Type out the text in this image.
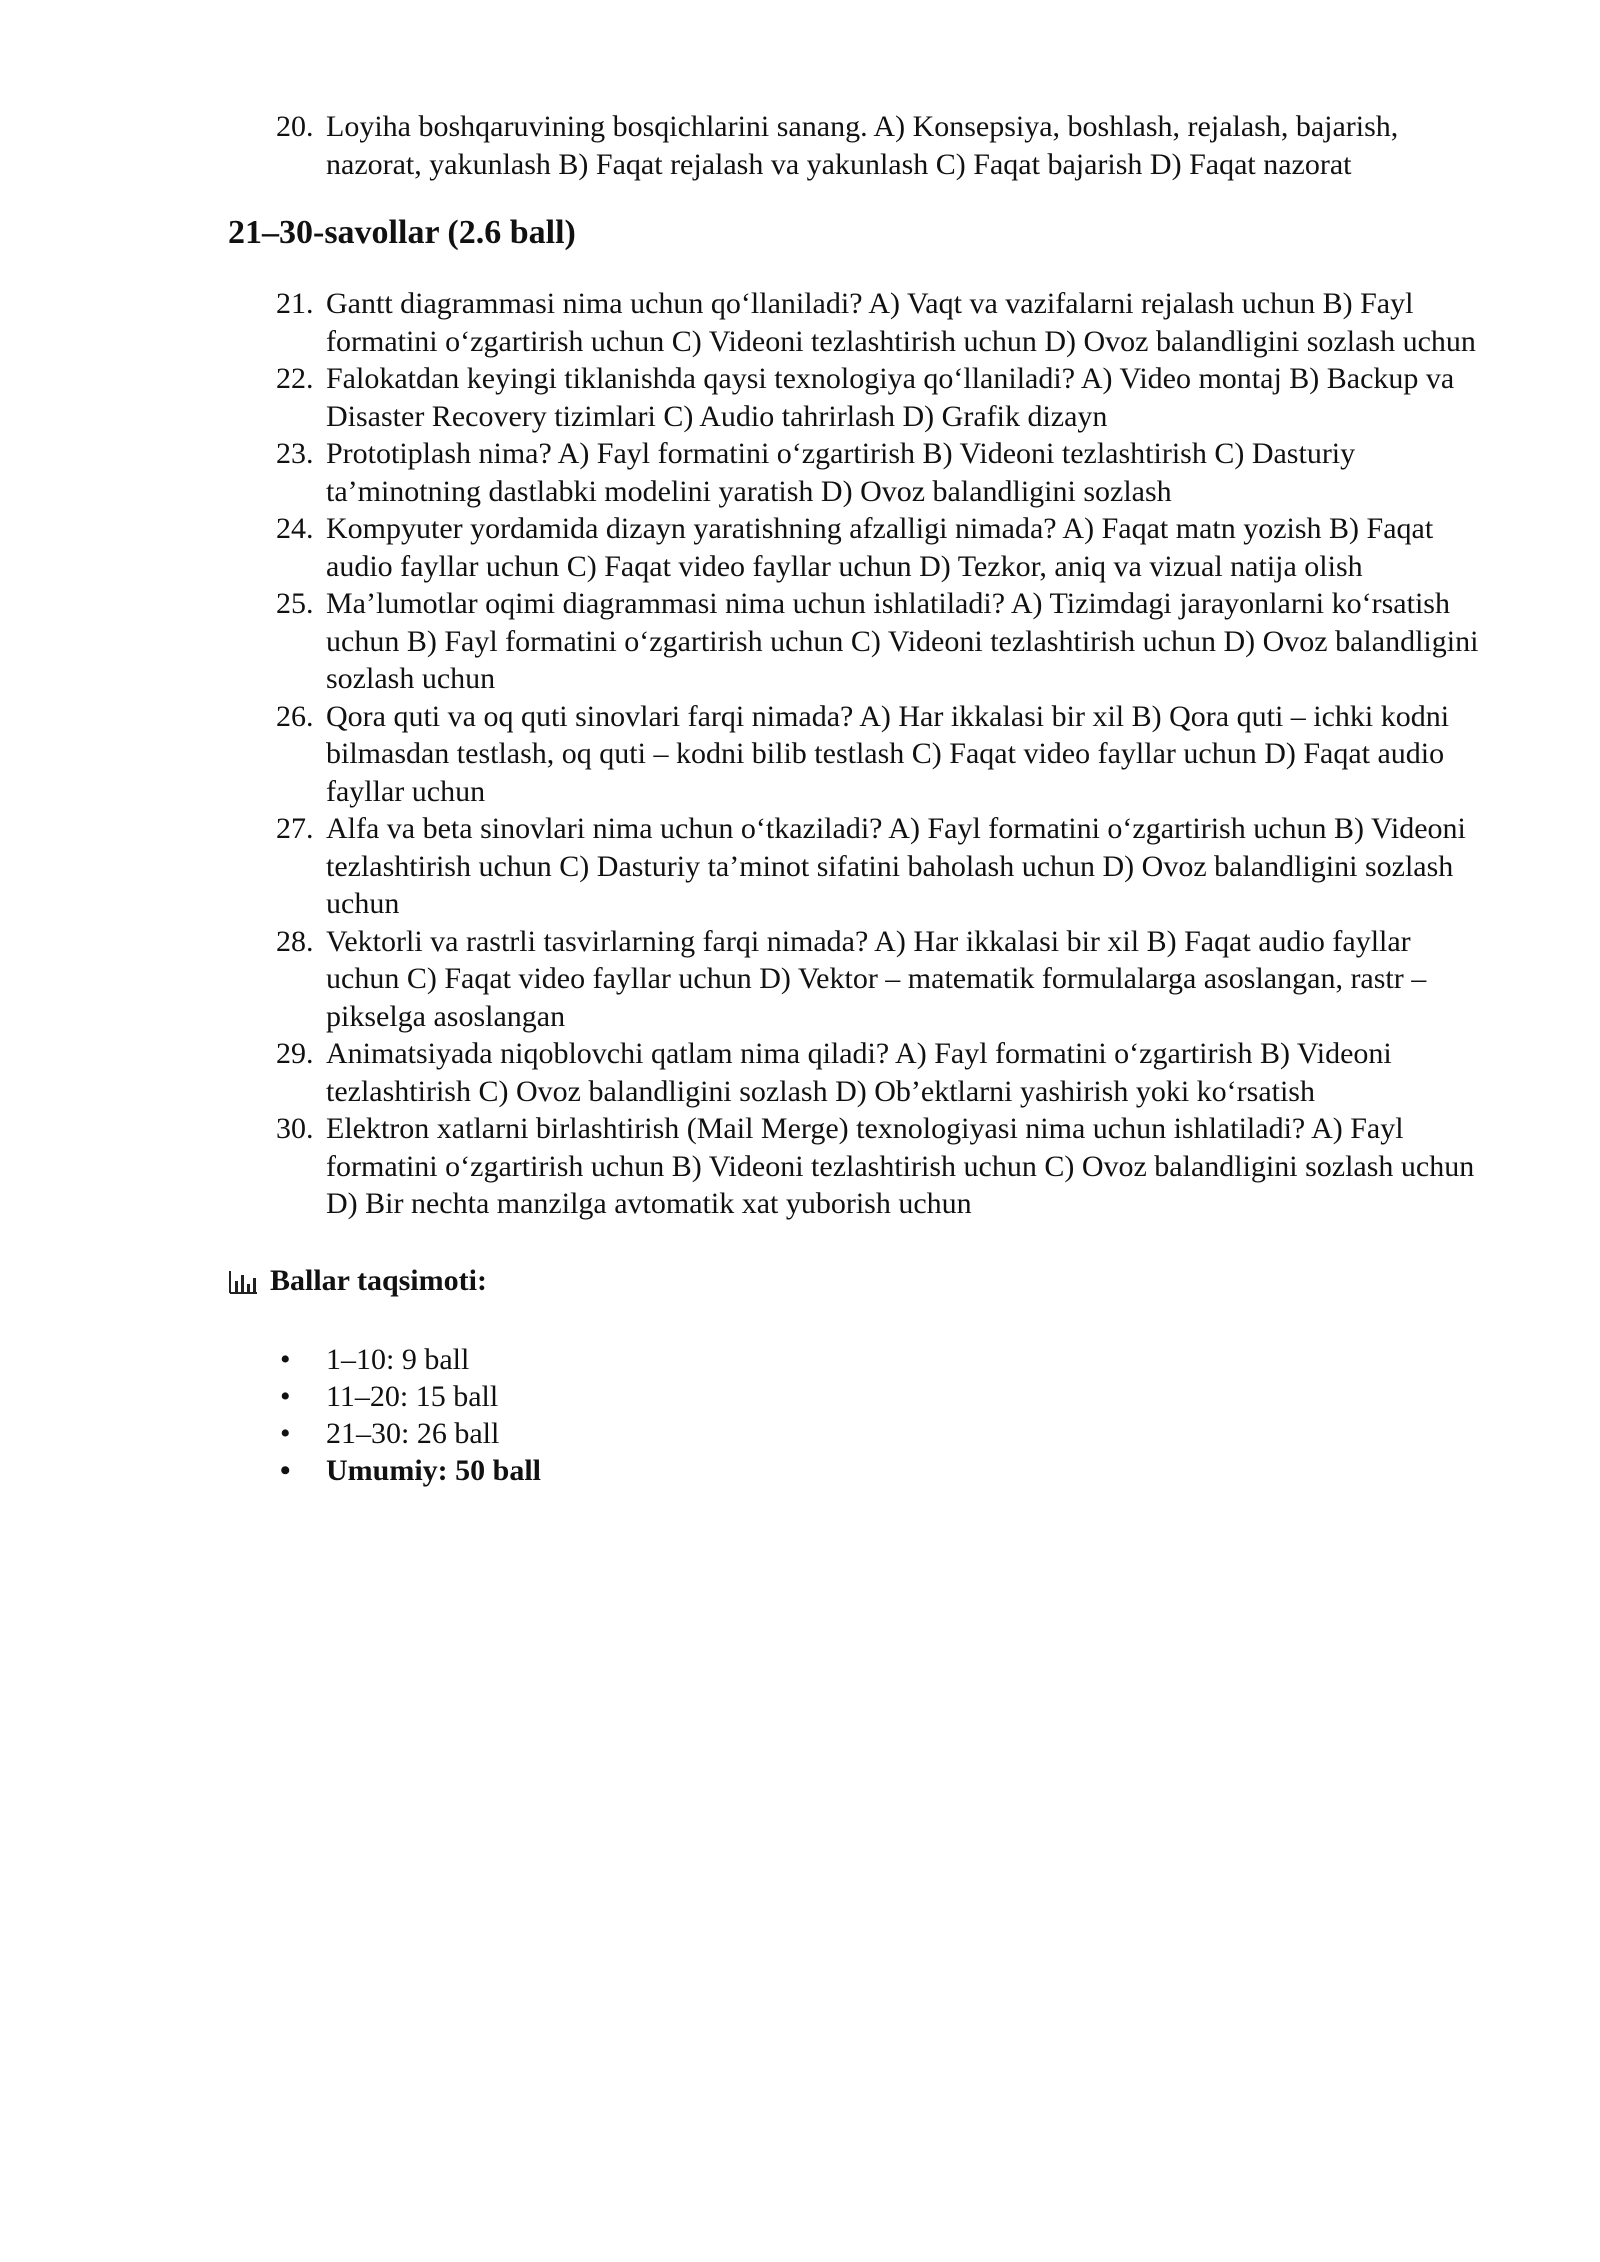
20. Loyiha boshqaruvining bosqichlarini sanang. A) Konsepsiya, boshlash, rejalash, bajarish, nazorat, yakunlash B) Faqat rejalash va yakunlash C) Faqat bajarish D) Faqat nazorat
21–30-savollar (2.6 ball)
21. Gantt diagrammasi nima uchun qo‘llaniladi? A) Vaqt va vazifalarni rejalash uchun B) Fayl formatini o‘zgartirish uchun C) Videoni tezlashtirish uchun D) Ovoz balandligini sozlash uchun
22. Falokatdan keyingi tiklanishda qaysi texnologiya qo‘llaniladi? A) Video montaj B) Backup va Disaster Recovery tizimlari C) Audio tahrirlash D) Grafik dizayn
23. Prototiplash nima? A) Fayl formatini o‘zgartirish B) Videoni tezlashtirish C) Dasturiy ta’minotning dastlabki modelini yaratish D) Ovoz balandligini sozlash
24. Kompyuter yordamida dizayn yaratishning afzalligi nimada? A) Faqat matn yozish B) Faqat audio fayllar uchun C) Faqat video fayllar uchun D) Tezkor, aniq va vizual natija olish
25. Ma’lumotlar oqimi diagrammasi nima uchun ishlatiladi? A) Tizimdagi jarayonlarni ko‘rsatish uchun B) Fayl formatini o‘zgartirish uchun C) Videoni tezlashtirish uchun D) Ovoz balandligini sozlash uchun
26. Qora quti va oq quti sinovlari farqi nimada? A) Har ikkalasi bir xil B) Qora quti – ichki kodni bilmasdan testlash, oq quti – kodni bilib testlash C) Faqat video fayllar uchun D) Faqat audio fayllar uchun
27. Alfa va beta sinovlari nima uchun o‘tkaziladi? A) Fayl formatini o‘zgartirish uchun B) Videoni tezlashtirish uchun C) Dasturiy ta’minot sifatini baholash uchun D) Ovoz balandligini sozlash uchun
28. Vektorli va rastrli tasvirlarning farqi nimada? A) Har ikkalasi bir xil B) Faqat audio fayllar uchun C) Faqat video fayllar uchun D) Vektor – matematik formulalarga asoslangan, rastr – pikselga asoslangan
29. Animatsiyada niqoblovchi qatlam nima qiladi? A) Fayl formatini o‘zgartirish B) Videoni tezlashtirish C) Ovoz balandligini sozlash D) Ob’ektlarni yashirish yoki ko‘rsatish
30. Elektron xatlarni birlashtirish (Mail Merge) texnologiyasi nima uchun ishlatiladi? A) Fayl formatini o‘zgartirish uchun B) Videoni tezlashtirish uchun C) Ovoz balandligini sozlash uchun D) Bir nechta manzilga avtomatik xat yuborish uchun
Ballar taqsimoti:
• 1–10: 9 ball
• 11–20: 15 ball
• 21–30: 26 ball
• Umumiy: 50 ball
